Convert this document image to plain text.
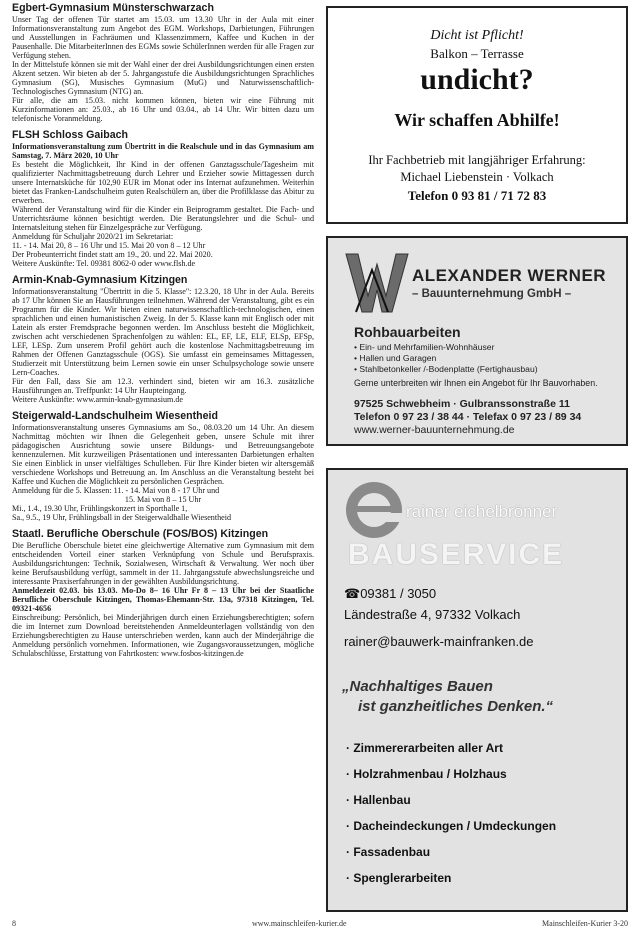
Egbert-Gymnasium Münsterschwarzach

Unser Tag der offenen Tür startet am 15.03. um 13.30 Uhr in der Aula mit einer Informationsveranstaltung zum Angebot des EGM. Workshops, Darbietungen, Führungen und Ausstellungen in Fachräumen und Klassenzimmern, Kaffee und Kuchen in der Pausenhalle. Die MitarbeiterInnen des EGMs sowie SchülerInnen werden für alle Fragen zur Verfügung stehen.

In der Mittelstufe können sie mit der Wahl einer der drei Ausbildungsrichtungen einen ersten Akzent setzen. Wir bieten ab der 5. Jahrgangsstufe die Ausbildungsrichtungen Sprachliches Gymnasium (SG), Musisches Gymnasium (MuG) und Naturwissenschaftlich-Technologisches Gymnasium (NTG) an.

Für alle, die am 15.03. nicht kommen können, bieten wir eine Führung mit Kurzinformationen an: 25.03., ab 16 Uhr und 03.04., ab 14 Uhr. Wir bitten dazu um telefonische Voranmeldung.

FLSH Schloss Gaibach

Informationsveranstaltung zum Übertritt in die Realschule und in das Gymnasium am Samstag, 7. März 2020, 10 Uhr

Es besteht die Möglichkeit, Ihr Kind in der offenen Ganztagsschule/Tagesheim mit qualifizierter Nachmittagsbetreuung durch Lehrer und Erzieher sowie Mittagessen durch unsere Internatsküche für 102,90 EUR im Monat oder ins Internat aufzunehmen. Weiterhin bietet das Franken-Landschulheim guten Realschülern an, über die Profilklasse das Abitur zu erwerben.

Während der Veranstaltung wird für die Kinder ein Beiprogramm gestaltet. Die Fach- und Unterrichtsräume können besichtigt werden. Die Beratungslehrer und die Schul- und Internatsleitung stehen für Einzelgespräche zur Verfügung.

Anmeldung für Schuljahr 2020/21 im Sekretariat:

11. - 14. Mai 20, 8 – 16 Uhr und 15. Mai 20 von 8 – 12 Uhr

Der Probeunterricht findet statt am 19., 20. und 22. Mai 2020.

Weitere Auskünfte: Tel. 09381 8062-0 oder www.flsh.de

Armin-Knab-Gymnasium Kitzingen

Informationsveranstaltung "Übertritt in die 5. Klasse": 12.3.20, 18 Uhr in der Aula. Bereits ab 17 Uhr können Sie an Hausführungen teilnehmen. Während der Veranstaltung, gibt es ein Programm für die Kinder. Wir bieten einen naturwissenschaftlich-technologischen, einen sprachlichen und einen humanistischen Zweig. In der 5. Klasse kann mit Englisch oder mit Latein als erster Fremdsprache begonnen werden. Im Anschluss besteht die Möglichkeit, zwischen acht verschiedenen Sprachenfolgen zu wählen: EL, EF, LE, ELF, ELSp, EFSp, LEF, LESp. Zum unserem Profil gehört auch die kostenlose Nachmittagsbetreuung im Rahmen der Offenen Ganztagsschule (OGS). Sie umfasst ein gemeinsames Mittagessen, Studierzeit mit Unterstützung beim Lernen sowie ein unser Schulpsychologe sowie unsere Lern-Coaches.

Für den Fall, dass Sie am 12.3. verhindert sind, bieten wir am 16.3. zusätzliche Hausführungen an. Treffpunkt: 14 Uhr Haupteingang.

Weitere Auskünfte: www.armin-knab-gymnasium.de

Steigerwald-Landschulheim Wiesentheid

Informationsveranstaltung unseres Gymnasiums am So., 08.03.20 um 14 Uhr. An diesem Nachmittag möchten wir Ihnen die Gelegenheit geben, unsere Schule mit ihrer pädagogischen Ausrichtung sowie unsere Bildungs- und Betreuungsangebote kennenzulernen. Mit kurzweiligen Präsentationen und interessanten Darbietungen erhalten Sie einen Einblick in unser vielfältiges Schulleben. Für Ihre Kinder bieten wir altersgemäß verschiedene Workshops und Betreuung an. Im Anschluss an die Veranstaltung besteht bei Kaffee und Kuchen die Möglichkeit zu persönlichen Gesprächen.

Anmeldung für die 5. Klassen: 11. - 14. Mai von 8 - 17 Uhr und

15. Mai von 8 – 15 Uhr

Mi., 1.4., 19.30 Uhr, Frühlingskonzert in Sporthalle 1,

Sa., 9.5., 19 Uhr, Frühlingsball in der Steigerwaldhalle Wiesentheid

Staatl. Berufliche Oberschule (FOS/BOS) Kitzingen

Die Berufliche Oberschule bietet eine gleichwertige Alternative zum Gymnasium mit dem entscheidenden Vorteil einer starken Verknüpfung von Schule und Berufspraxis. Ausbildungsrichtungen: Technik, Sozialwesen, Wirtschaft & Verwaltung. Wer noch über keine Berufsausbildung verfügt, sammelt in der 11. Jahrgangsstufe abwechslungsreiche und interessante Praxiserfahrungen in der gewählten Ausbildungsrichtung.

Anmeldezeit 02.03. bis 13.03. Mo-Do 8– 16 Uhr Fr 8 – 13 Uhr bei der Staatliche Berufliche Oberschule Kitzingen, Thomas-Ehemann-Str. 13a, 97318 Kitzingen, Tel. 09321-4656

Einschreibung: Persönlich, bei Minderjährigen durch einen Erziehungsberechtigten; sofern die im Internet zum Download bereitstehenden Anmeldeunterlagen vollständig von den Erziehungsberechtigten zu Hause unterschrieben werden, kann auch der Minderjährige die Anmeldung persönlich vornehmen. Informationen, wie Zugangsvoraussetzungen, mögliche Schulabschlüsse, Erstattung von Fahrtkosten: www.fosbos-kitzingen.de

Dicht ist Pflicht!
Balkon – Terrasse
undicht?
Wir schaffen Abhilfe!
Ihr Fachbetrieb mit langjähriger Erfahrung:
Michael Liebenstein · Volkach
Telefon 0 93 81 / 71 72 83
ALEXANDER WERNER
– Bauunternehmung GmbH –
Rohbauarbeiten
• Ein- und Mehrfamilien-Wohnhäuser
• Hallen und Garagen
• Stahlbetonkeller /-Bodenplatte (Fertighausbau)
Gerne unterbreiten wir Ihnen ein Angebot für Ihr Bauvorhaben.
97525 Schwebheim · Gulbranssonstraße 11
Telefon 0 97 23 / 38 44 · Telefax 0 97 23 / 89 34
www.werner-bauunternehmung.de
rainer eichelbrönner
BAUSERVICE
☎09381 / 3050
Ländestraße 4, 97332 Volkach
rainer@bauwerk-mainfranken.de
„Nachhaltiges Bauen
ist ganzheitliches Denken.“
· Zimmererarbeiten aller Art
· Holzrahmenbau / Holzhaus
· Hallenbau
· Dacheindeckungen / Umdeckungen
· Fassadenbau
· Spenglerarbeiten
8	www.mainschleifen-kurier.de	Mainschleifen-Kurier 3-20
